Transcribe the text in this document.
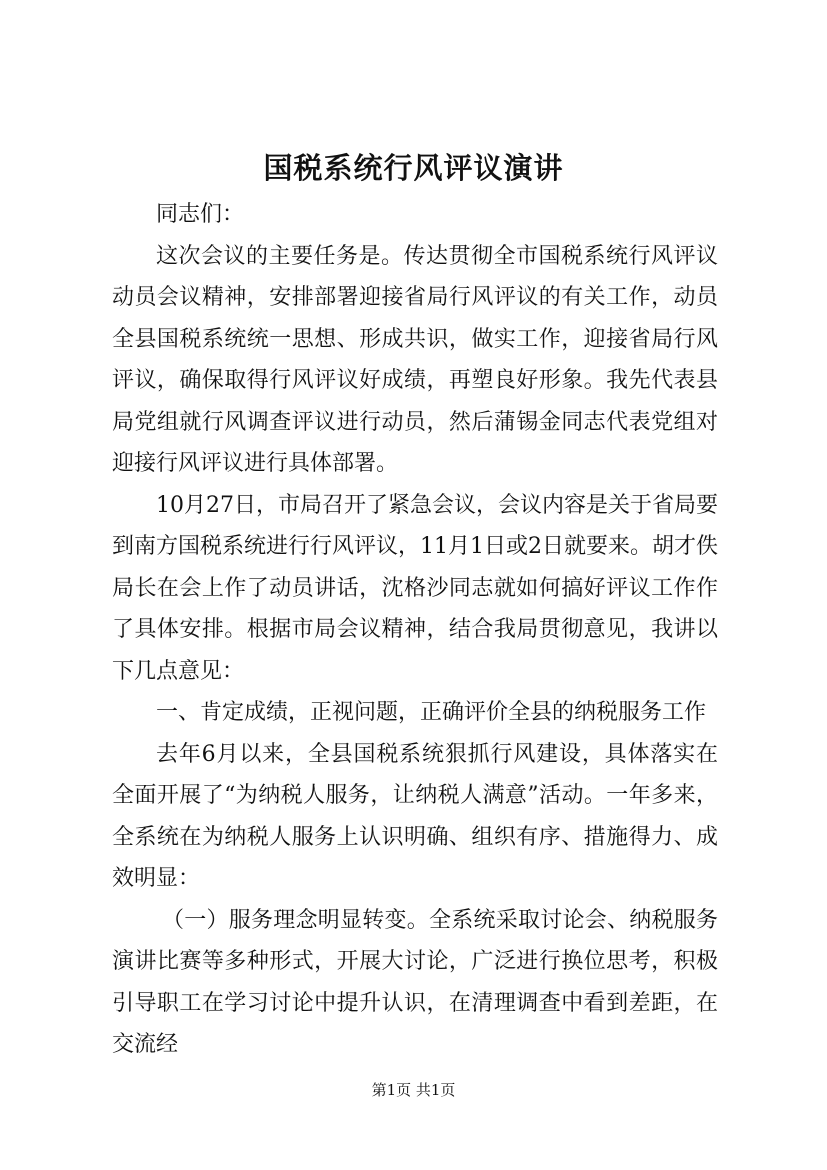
国税系统行风评议演讲

同志们：

这次会议的主要任务是。传达贯彻全市国税系统行风评议动员会议精神，安排部署迎接省局行风评议的有关工作，动员全县国税系统统一思想、形成共识，做实工作，迎接省局行风评议，确保取得行风评议好成绩，再塑良好形象。我先代表县局党组就行风调查评议进行动员，然后蒲锡金同志代表党组对迎接行风评议进行具体部署。

10月27日，市局召开了紧急会议，会议内容是关于省局要到南方国税系统进行行风评议，11月1日或2日就要来。胡才佚局长在会上作了动员讲话，沈格沙同志就如何搞好评议工作作了具体安排。根据市局会议精神，结合我局贯彻意见，我讲以下几点意见：

一、肯定成绩，正视问题，正确评价全县的纳税服务工作

去年6月以来，全县国税系统狠抓行风建设，具体落实在全面开展了“为纳税人服务，让纳税人满意”活动。一年多来，全系统在为纳税人服务上认识明确、组织有序、措施得力、成效明显：

（一）服务理念明显转变。全系统采取讨论会、纳税服务演讲比赛等多种形式，开展大讨论，广泛进行换位思考，积极引导职工在学习讨论中提升认识，在清理调查中看到差距，在交流经

第1页 共1页
